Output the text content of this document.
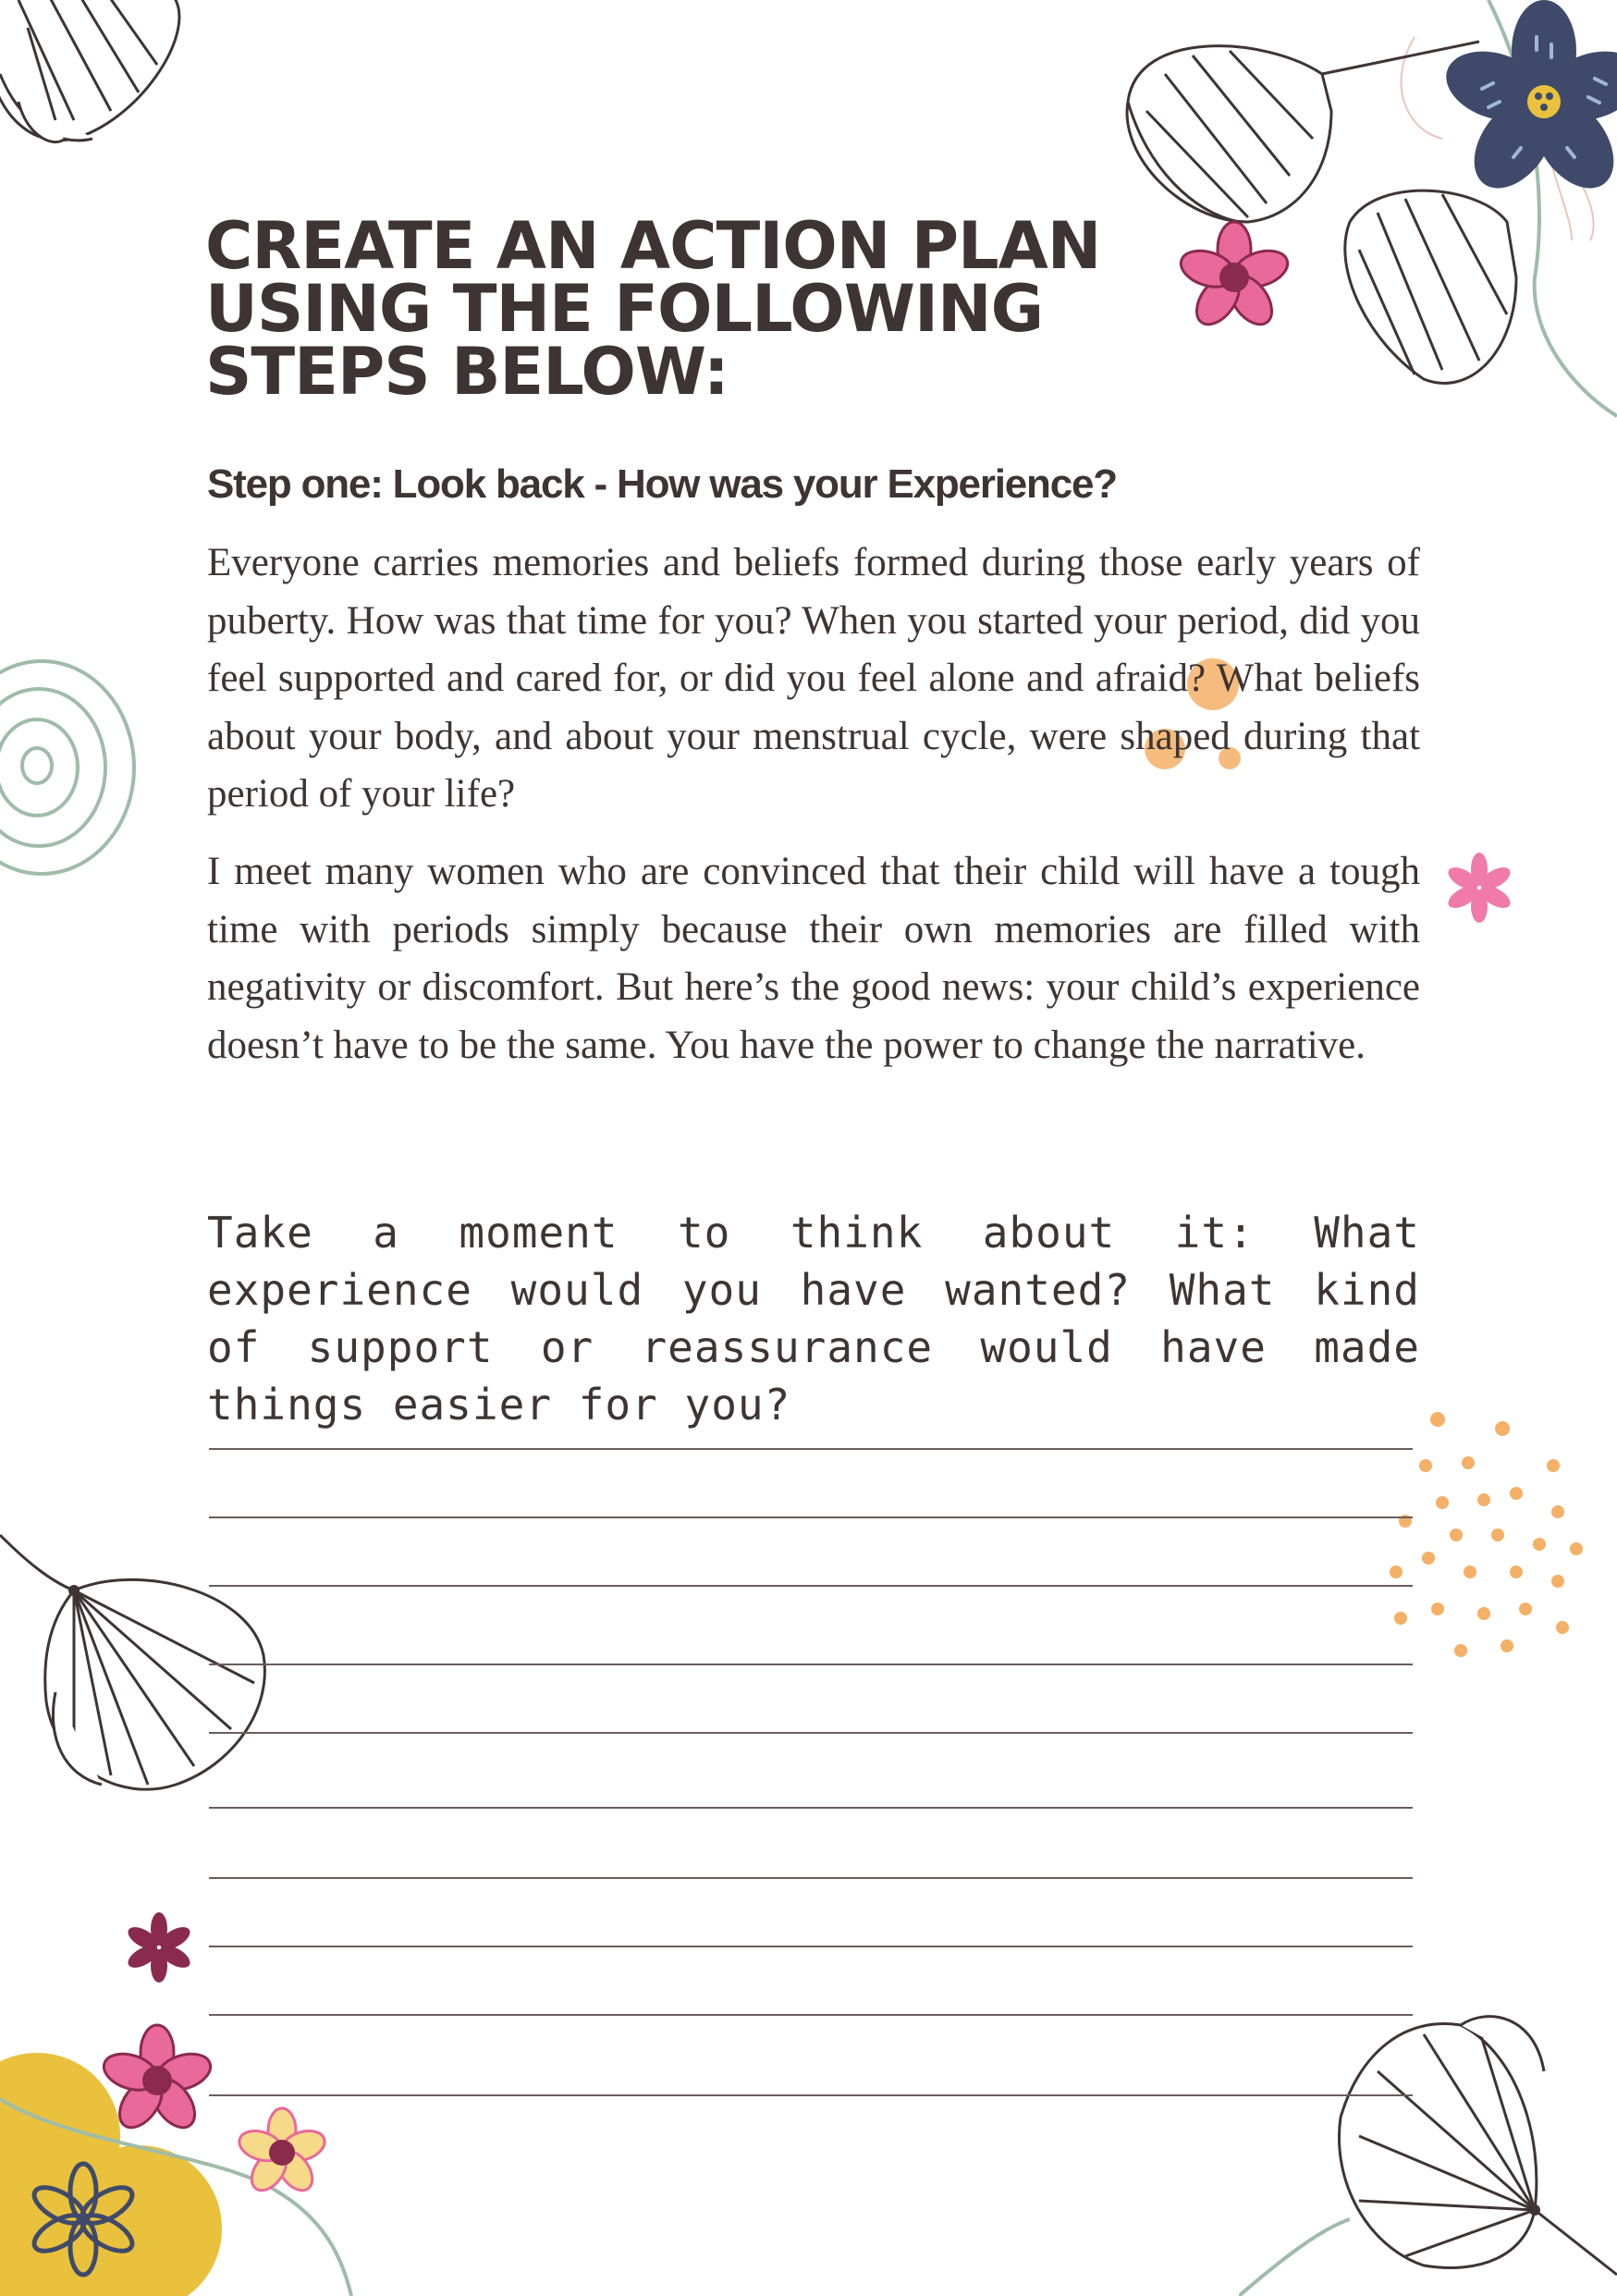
CREATE AN ACTION PLAN
USING THE FOLLOWING
STEPS BELOW:
Step one: Look back - How was your Experience?

Everyone carries memories and beliefs formed during those early years of puberty. How was that time for you? When you started your period, did you feel supported and cared for, or did you feel alone and afraid? What beliefs about your body, and about your menstrual cycle, were shaped during that period of your life?

I meet many women who are convinced that their child will have a tough time with periods simply because their own memories are filled with negativity or discomfort. But here’s the good news: your child’s experience doesn’t have to be the same. You have the power to change the narrative.

Take a moment to think about it: What experience would you have wanted? What kind of support or reassurance would have made things easier for you?
